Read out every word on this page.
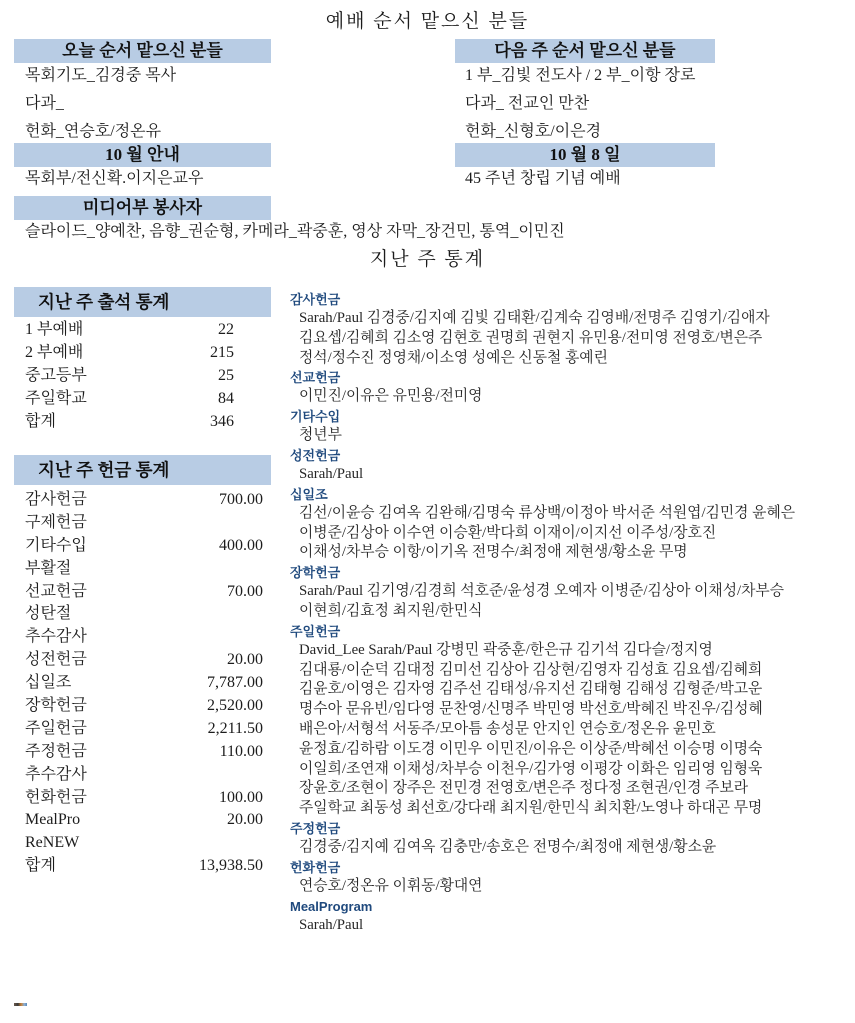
예배 순서 맡으신 분들
오늘 순서 맡으신 분들
목회기도_김경중 목사
다과_
헌화_연승호/정온유
10 월 안내
목회부/전신확.이지은교우
미디어부 봉사자
슬라이드_양예찬, 음향_권순형, 카메라_곽중훈, 영상 자막_장건민, 통역_이민진
다음 주 순서 맡으신 분들
1 부_김빛 전도사 / 2 부_이항 장로
다과_ 전교인 만찬
헌화_신형호/이은경
10 월 8 일
45 주년 창립 기념 예배
지난 주 통계
지난 주 출석 통계
1 부예배	22
2 부예배	215
중고등부	25
주일학교	84
합계	346
지난 주 헌금 통계
감사헌금	700.00
구제헌금
기타수입	400.00
부활절
선교헌금	70.00
성탄절
추수감사
성전헌금	20.00
십일조	7,787.00
장학헌금	2,520.00
주일헌금	2,211.50
주정헌금	110.00
추수감사
헌화헌금	100.00
MealPro	20.00
ReNEW
합계	13,938.50
감사헌금
Sarah/Paul 김경중/김지예 김빛 김태환/김계숙 김영배/전명주 김영기/김애자
김요셉/김혜희 김소영 김현호 권명희 권현지 유민용/전미영 전영호/변은주
정석/정수진 정영채/이소영 성예은 신동철 홍예린
선교헌금
이민진/이유은 유민용/전미영
기타수입
청년부
성전헌금
Sarah/Paul
십일조
김선/이윤승 김여옥 김완해/김명숙 류상백/이정아 박서준 석원엽/김민경 윤혜은
이병준/김상아 이수연 이승환/박다희 이재이/이지선 이주성/장호진
이채성/차부승 이항/이기옥 전명수/최정애 제현생/황소윤 무명
장학헌금
Sarah/Paul 김기영/김경희 석호준/윤성경 오예자 이병준/김상아 이채성/차부승
이현희/김효정 최지원/한민식
주일헌금
David_Lee Sarah/Paul 강병민 곽중훈/한은규 김기석 김다슬/정지영
김대룡/이순덕 김대정 김미선 김상아 김상현/김영자 김성효 김요셉/김혜희
김윤호/이영은 김자영 김주선 김태성/유지선 김태형 김해성 김형준/박고운
명수아 문유빈/임다영 문찬영/신명주 박민영 박선호/박혜진 박진우/김성혜
배은아/서형석 서동주/모아틈 송성문 안지인 연승호/정온유 윤민호
윤정효/김하람 이도경 이민우 이민진/이유은 이상준/박혜선 이승명 이명숙
이일희/조연재 이채성/차부승 이천우/김가영 이평강 이화은 임리영 임형욱
장윤호/조현이 장주은 전민경 전영호/변은주 정다정 조현권/인경 주보라
주일학교 최동성 최선호/강다래 최지원/한민식 최치환/노영나 하대곤 무명
주정헌금
김경중/김지예 김여옥 김충만/송호은 전명수/최정애 제현생/황소윤
헌화헌금
연승호/정온유 이휘동/황대연
MealProgram
Sarah/Paul
